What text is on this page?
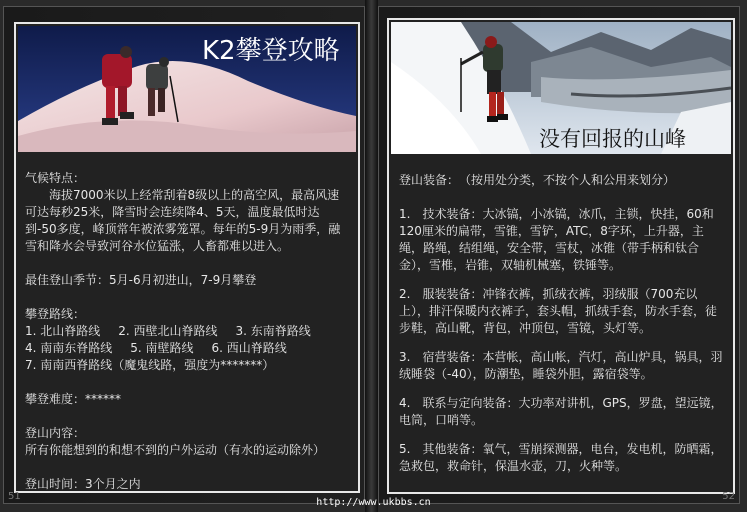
K2攀登攻略

气候特点：

海拔7000米以上经常刮着8级以上的高空风，最高风速可达每秒25米，降雪时会连续降4、5天，温度最低时达到-50多度，峰顶常年被浓雾笼罩。每年的5-9月为雨季，融雪和降水会导致河谷水位猛涨，人畜都难以进入。

最佳登山季节：5月-6月初进山，7-9月攀登

攀登路线：

1. 北山脊路线 2. 西壁北山脊路线 3. 东南脊路线
4. 南南东脊路线 5. 南壁路线 6. 西山脊路线
7. 南南西脊路线（魔鬼线路，强度为*******）

攀登难度：******

登山内容：

所有你能想到的和想不到的户外运动（有水的运动除外）

登山时间：3个月之内

51
没有回报的山峰

登山装备：　（按用处分类，不按个人和公用来划分）

1.　技术装备：大冰镐，小冰镐，冰爪，主锁，快挂，60和120厘米的扁带，雪锥，雪铲，ATC，8字环，上升器，主绳，路绳，结组绳，安全带，雪杖，冰锥（带手柄和钛合金），雪椎，岩锥，双轴机械塞，铁锤等。

2.　服装装备：冲锋衣裤，抓绒衣裤，羽绒服（700充以上），排汗保暖内衣裤子，套头帽，抓绒手套，防水手套，徒步鞋，高山靴，背包，冲顶包，雪镜，头灯等。

3.　宿营装备：本营帐，高山帐，汽灯，高山炉具，锅具，羽绒睡袋（-40），防潮垫，睡袋外胆，露宿袋等。

4.　联系与定向装备：大功率对讲机，GPS，罗盘，望远镜，电筒，口哨等。

5.　其他装备：氧气，雪崩探测器，电台，发电机，防晒霜，急救包，救命针，保温水壶，刀，火种等。

52
http://www.ukbbs.cn
